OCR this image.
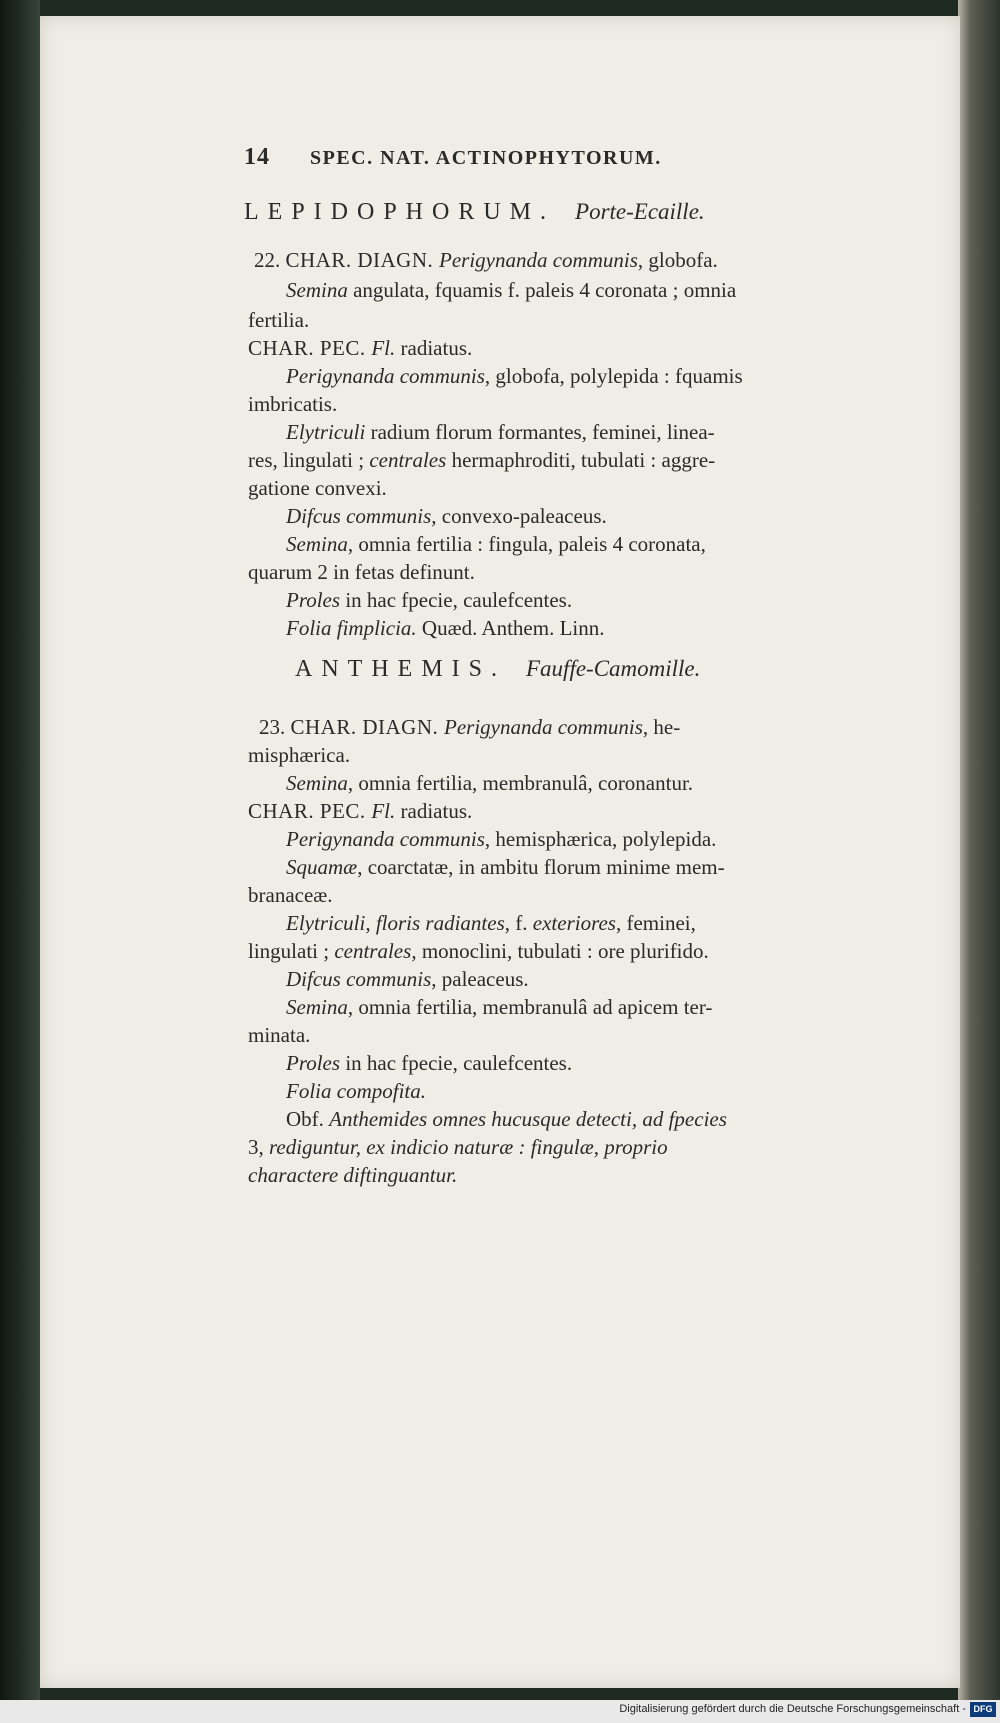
14 SPEC. NAT. ACTINOPHYTORUM.
LEPIDOPHORUM. Porte-Ecaille.
22. CHAR. DIAGN. Perigynanda communis, globofa.
Semina angulata, fquamis f. paleis 4 coronata ; omnia
fertilia.
CHAR. PEC. Fl. radiatus.
Perigynanda communis, globofa, polylepida : fquamis
imbricatis.
Elytriculi radium florum formantes, feminei, linea-
res, lingulati ; centrales hermaphroditi, tubulati : aggre-
gatione convexi.
Difcus communis, convexo-paleaceus.
Semina, omnia fertilia : fingula, paleis 4 coronata,
quarum 2 in fetas definunt.
Proles in hac fpecie, caulefcentes.
Folia fimplicia. Quæd. Anthem. Linn.
ANTHEMIS. Fauffe-Camomille.
23. CHAR. DIAGN. Perigynanda communis, he-
misphærica.
Semina, omnia fertilia, membranulâ, coronantur.
CHAR. PEC. Fl. radiatus.
Perigynanda communis, hemisphærica, polylepida.
Squamæ, coarctatæ, in ambitu florum minime mem-
branaceæ.
Elytriculi, floris radiantes, f. exteriores, feminei,
lingulati ; centrales, monoclini, tubulati : ore plurifido.
Difcus communis, paleaceus.
Semina, omnia fertilia, membranulâ ad apicem ter-
minata.
Proles in hac fpecie, caulefcentes.
Folia compofita.
Obf. Anthemides omnes hucusque detecti, ad fpecies
3, rediguntur, ex indicio naturæ : fingulæ, proprio
charactere diftinguantur.
Digitalisierung gefördert durch die Deutsche Forschungsgemeinschaft - DFG
